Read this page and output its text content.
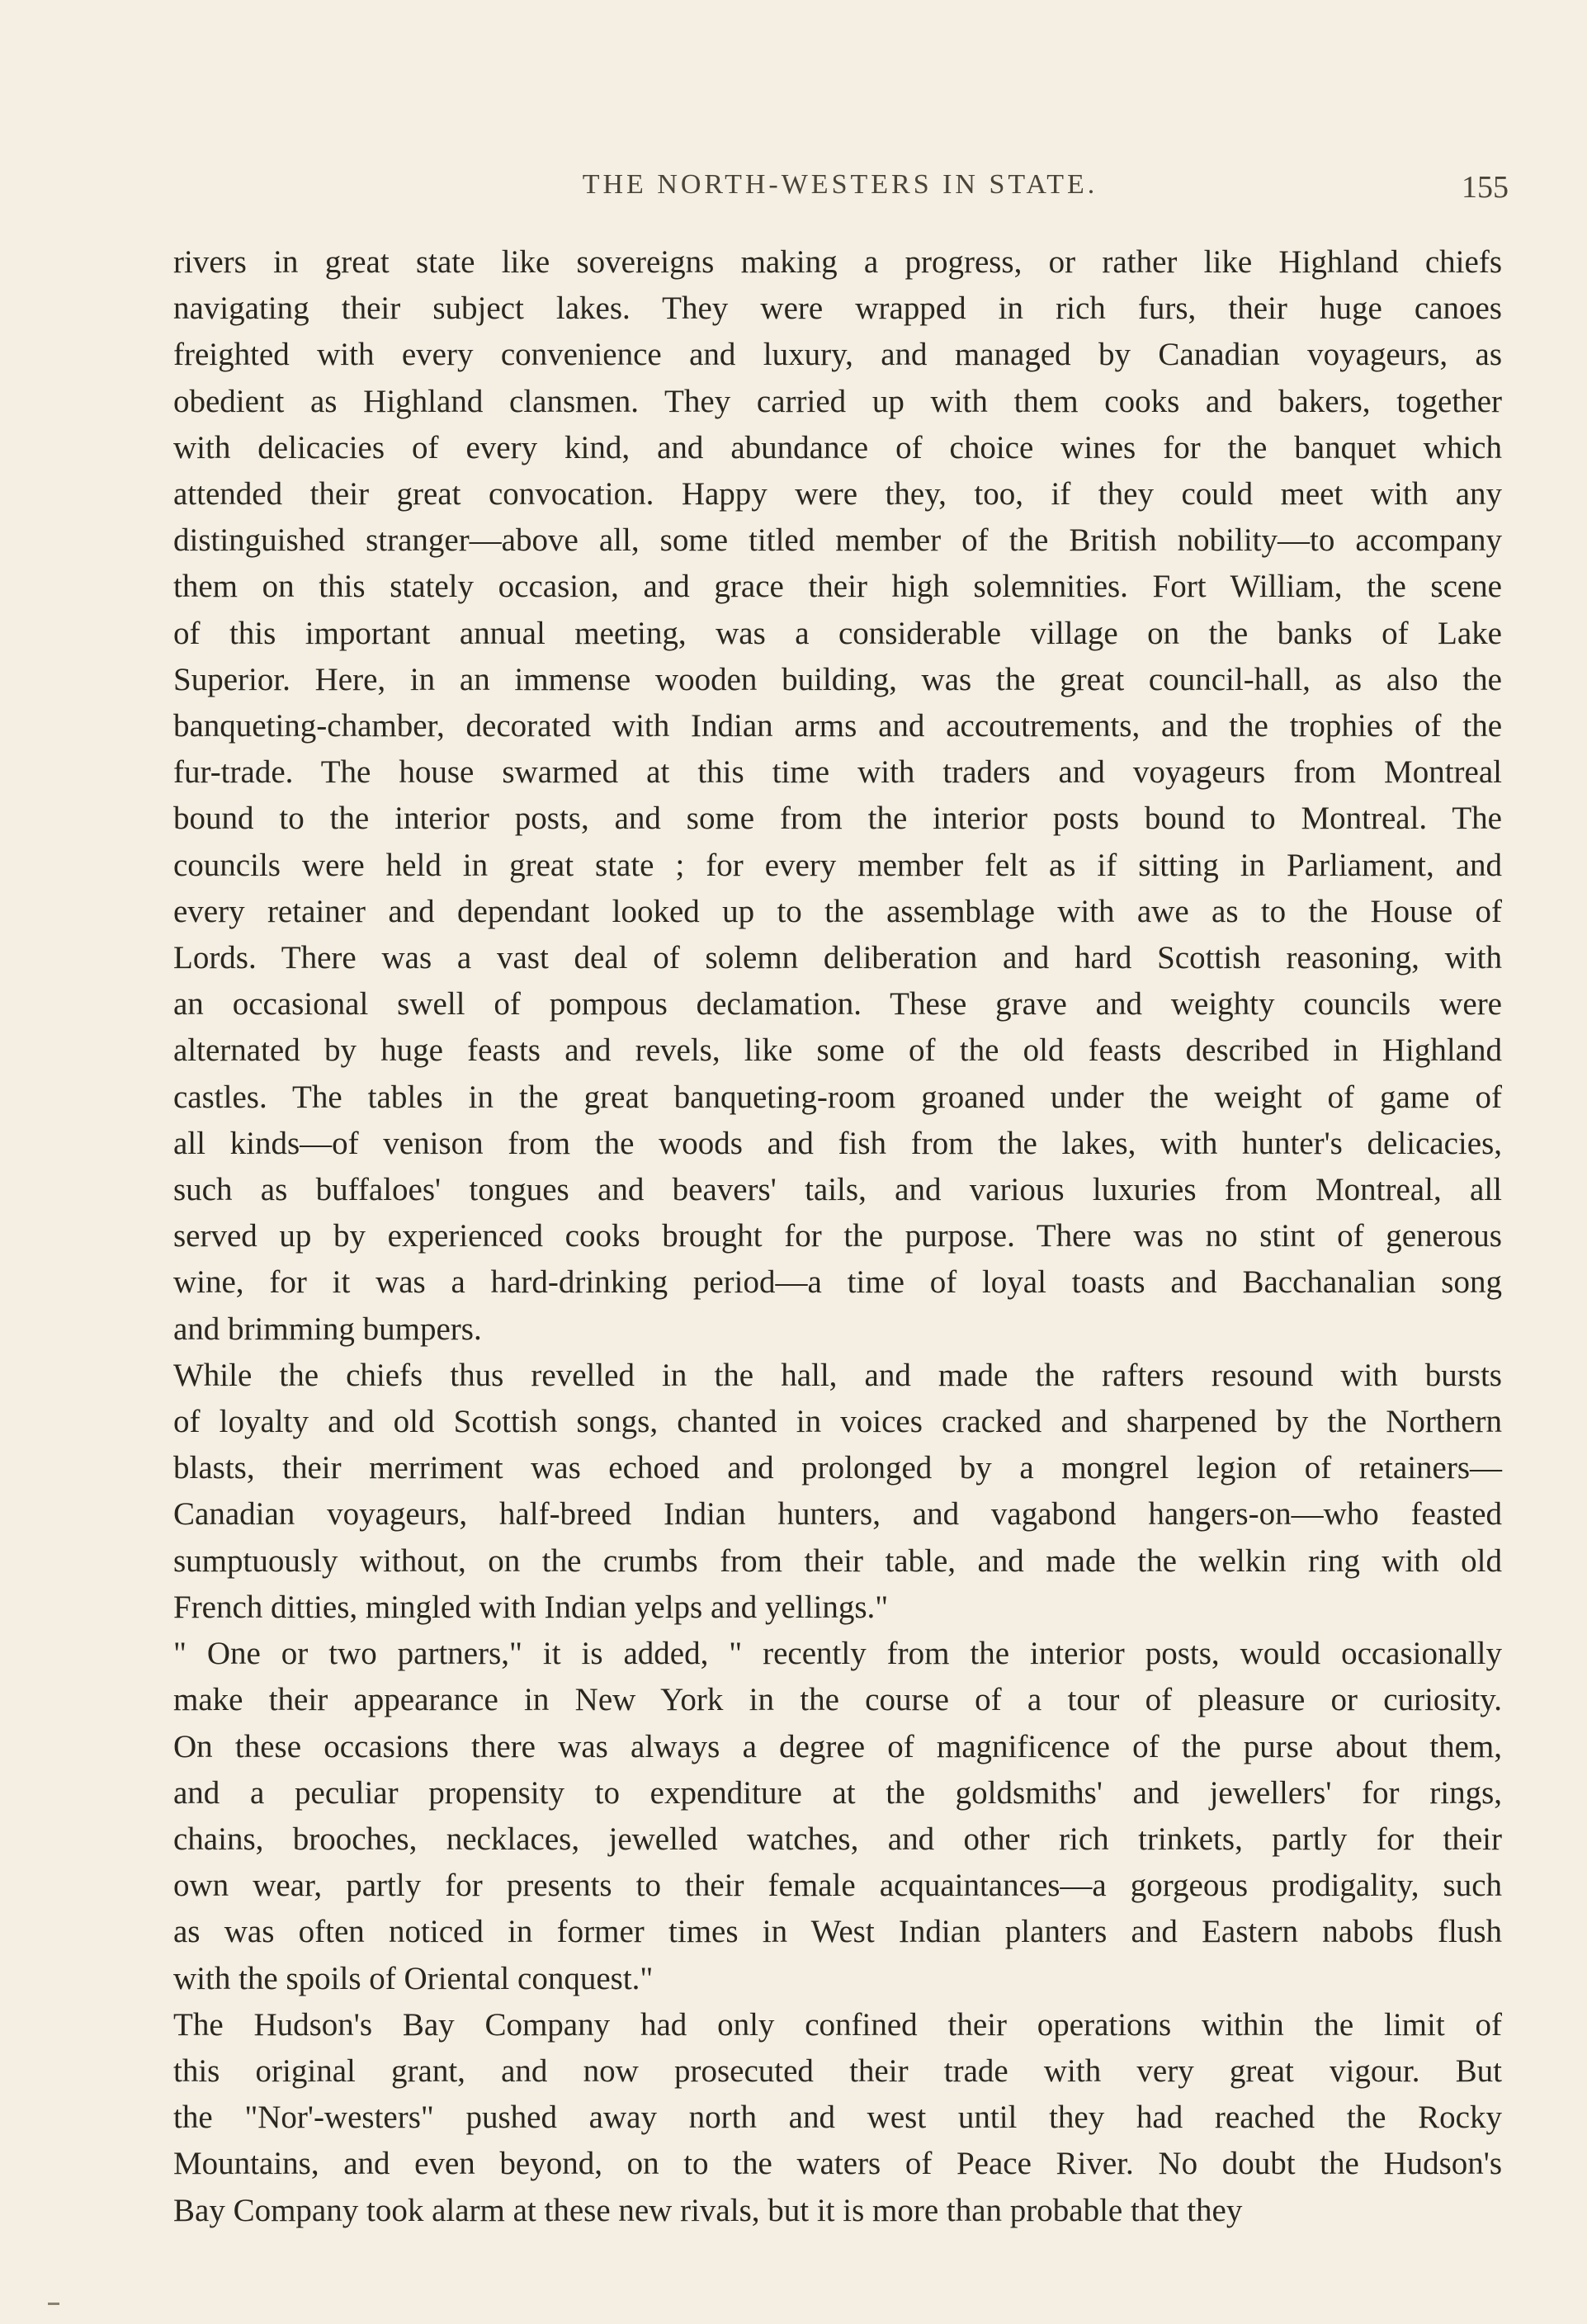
THE NORTH-WESTERS IN STATE.	155
rivers in great state like sovereigns making a progress, or rather like Highland chiefs
navigating their subject lakes. They were wrapped in rich furs, their huge canoes
freighted with every convenience and luxury, and managed by Canadian voyageurs, as
obedient as Highland clansmen. They carried up with them cooks and bakers, together
with delicacies of every kind, and abundance of choice wines for the banquet which
attended their great convocation. Happy were they, too, if they could meet with any
distinguished stranger—above all, some titled member of the British nobility—to accompany
them on this stately occasion, and grace their high solemnities. Fort William, the scene
of this important annual meeting, was a considerable village on the banks of Lake
Superior. Here, in an immense wooden building, was the great council-hall, as also the
banqueting-chamber, decorated with Indian arms and accoutrements, and the trophies of the
fur-trade. The house swarmed at this time with traders and voyageurs from Montreal
bound to the interior posts, and some from the interior posts bound to Montreal. The
councils were held in great state ; for every member felt as if sitting in Parliament, and
every retainer and dependant looked up to the assemblage with awe as to the House of
Lords. There was a vast deal of solemn deliberation and hard Scottish reasoning, with
an occasional swell of pompous declamation. These grave and weighty councils were
alternated by huge feasts and revels, like some of the old feasts described in Highland
castles. The tables in the great banqueting-room groaned under the weight of game of
all kinds—of venison from the woods and fish from the lakes, with hunter's delicacies,
such as buffaloes' tongues and beavers' tails, and various luxuries from Montreal, all
served up by experienced cooks brought for the purpose. There was no stint of generous
wine, for it was a hard-drinking period—a time of loyal toasts and Bacchanalian song
and brimming bumpers.
While the chiefs thus revelled in the hall, and made the rafters resound with bursts
of loyalty and old Scottish songs, chanted in voices cracked and sharpened by the Northern
blasts, their merriment was echoed and prolonged by a mongrel legion of retainers—
Canadian voyageurs, half-breed Indian hunters, and vagabond hangers-on—who feasted
sumptuously without, on the crumbs from their table, and made the welkin ring with old
French ditties, mingled with Indian yelps and yellings."
" One or two partners," it is added, " recently from the interior posts, would occasionally
make their appearance in New York in the course of a tour of pleasure or curiosity.
On these occasions there was always a degree of magnificence of the purse about them,
and a peculiar propensity to expenditure at the goldsmiths' and jewellers' for rings,
chains, brooches, necklaces, jewelled watches, and other rich trinkets, partly for their
own wear, partly for presents to their female acquaintances—a gorgeous prodigality, such
as was often noticed in former times in West Indian planters and Eastern nabobs flush
with the spoils of Oriental conquest."
The Hudson's Bay Company had only confined their operations within the limit of
this original grant, and now prosecuted their trade with very great vigour. But
the "Nor'-westers" pushed away north and west until they had reached the Rocky
Mountains, and even beyond, on to the waters of Peace River. No doubt the Hudson's
Bay Company took alarm at these new rivals, but it is more than probable that they
